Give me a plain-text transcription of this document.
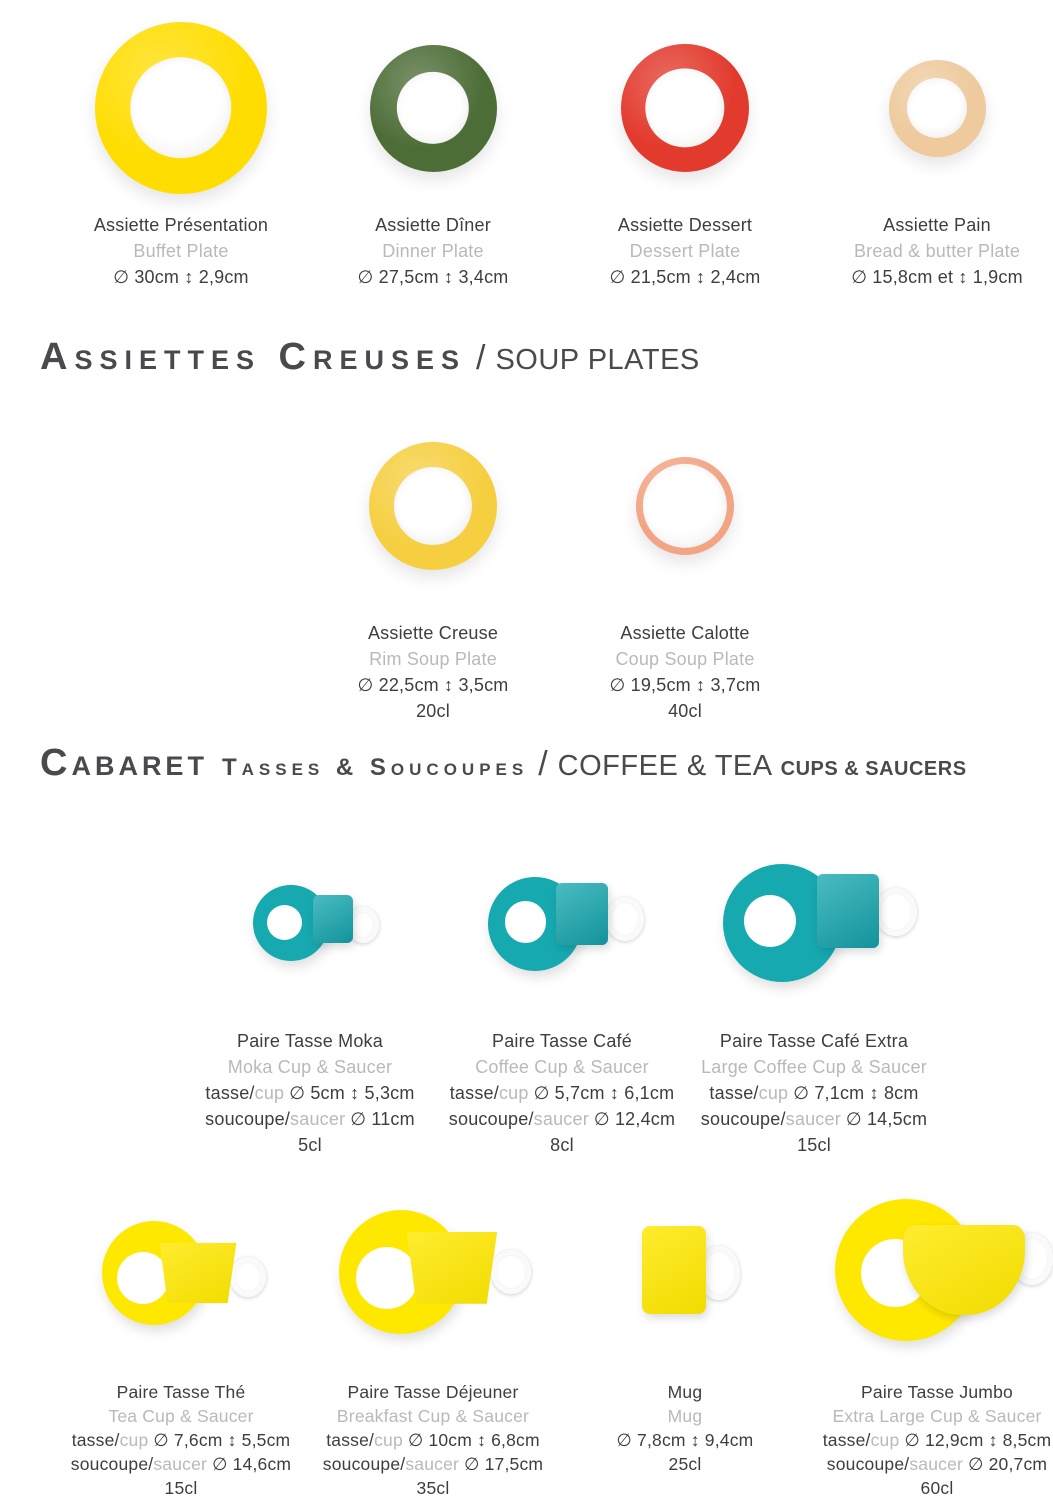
Assiette Présentation
Buffet Plate
∅ 30cm ↕ 2,9cm
Assiette Dîner
Dinner Plate
∅ 27,5cm ↕ 3,4cm
Assiette Dessert
Dessert Plate
∅ 21,5cm ↕ 2,4cm
Assiette Pain
Bread & butter Plate
∅ 15,8cm et ↕ 1,9cm
Assiettes Creuses / SOUP PLATES
Assiette Creuse
Rim Soup Plate
∅ 22,5cm ↕ 3,5cm
20cl
Assiette Calotte
Coup Soup Plate
∅ 19,5cm ↕ 3,7cm
40cl
Cabaret Tasses & Soucoupes / COFFEE & TEA CUPS & SAUCERS
Paire Tasse Moka
Moka Cup & Saucer
tasse/cup ∅ 5cm ↕ 5,3cm
soucoupe/saucer ∅ 11cm
5cl
Paire Tasse Café
Coffee Cup & Saucer
tasse/cup ∅ 5,7cm ↕ 6,1cm
soucoupe/saucer ∅ 12,4cm
8cl
Paire Tasse Café Extra
Large Coffee Cup & Saucer
tasse/cup ∅ 7,1cm ↕ 8cm
soucoupe/saucer ∅ 14,5cm
15cl
Paire Tasse Thé
Tea Cup & Saucer
tasse/cup ∅ 7,6cm ↕ 5,5cm
soucoupe/saucer ∅ 14,6cm
15cl
Paire Tasse Déjeuner
Breakfast Cup & Saucer
tasse/cup ∅ 10cm ↕ 6,8cm
soucoupe/saucer ∅ 17,5cm
35cl
Mug
Mug
∅ 7,8cm ↕ 9,4cm
25cl
Paire Tasse Jumbo
Extra Large Cup & Saucer
tasse/cup ∅ 12,9cm ↕ 8,5cm
soucoupe/saucer ∅ 20,7cm
60cl
